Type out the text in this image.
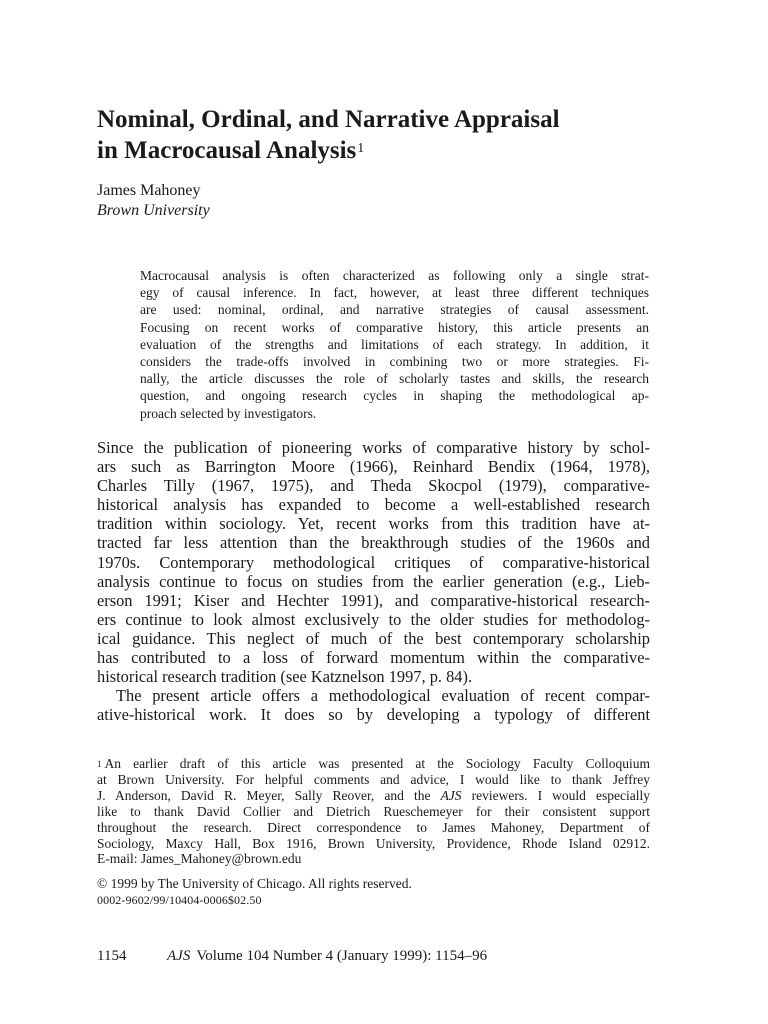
Nominal, Ordinal, and Narrative Appraisal
in Macrocausal Analysis$^1$
James Mahoney
Brown University
Macrocausal analysis is often characterized as following only a single strat-
egy of causal inference. In fact, however, at least three different techniques
are used: nominal, ordinal, and narrative strategies of causal assessment.
Focusing on recent works of comparative history, this article presents an
evaluation of the strengths and limitations of each strategy. In addition, it
considers the trade-offs involved in combining two or more strategies. Fi-
nally, the article discusses the role of scholarly tastes and skills, the research
question, and ongoing research cycles in shaping the methodological ap-
proach selected by investigators.
Since the publication of pioneering works of comparative history by schol-
ars such as Barrington Moore (1966), Reinhard Bendix (1964, 1978),
Charles Tilly (1967, 1975), and Theda Skocpol (1979), comparative-
historical analysis has expanded to become a well-established research
tradition within sociology. Yet, recent works from this tradition have at-
tracted far less attention than the breakthrough studies of the 1960s and
1970s. Contemporary methodological critiques of comparative-historical
analysis continue to focus on studies from the earlier generation (e.g., Lieb-
erson 1991; Kiser and Hechter 1991), and comparative-historical research-
ers continue to look almost exclusively to the older studies for methodolog-
ical guidance. This neglect of much of the best contemporary scholarship
has contributed to a loss of forward momentum within the comparative-
historical research tradition (see Katznelson 1997, p. 84).
The present article offers a methodological evaluation of recent compar-
ative-historical work. It does so by developing a typology of different
$^1$ An earlier draft of this article was presented at the Sociology Faculty Colloquium
at Brown University. For helpful comments and advice, I would like to thank Jeffrey
J. Anderson, David R. Meyer, Sally Reover, and the AJS reviewers. I would especially
like to thank David Collier and Dietrich Rueschemeyer for their consistent support
throughout the research. Direct correspondence to James Mahoney, Department of
Sociology, Maxcy Hall, Box 1916, Brown University, Providence, Rhode Island 02912.
E-mail: James_Mahoney@brown.edu
© 1999 by The University of Chicago. All rights reserved.
0002-9602/99/10404-0006$02.50
1154	AJS Volume 104 Number 4 (January 1999): 1154–96
